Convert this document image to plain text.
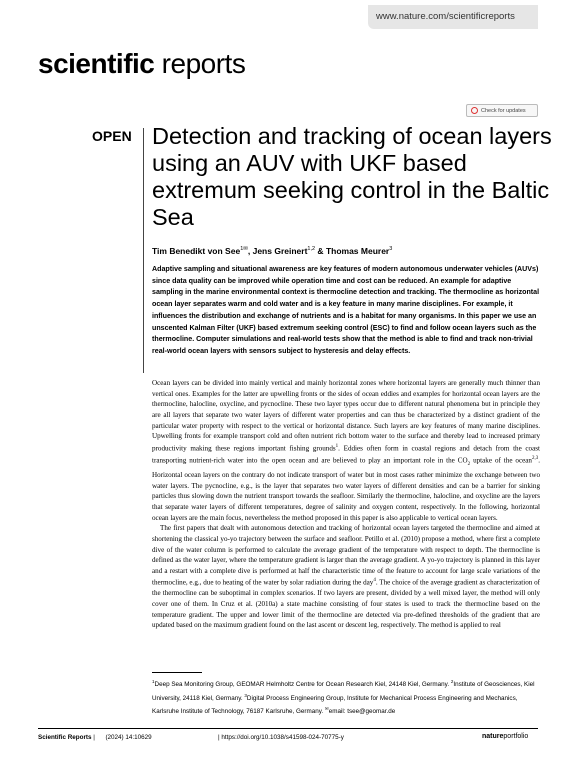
www.nature.com/scientificreports

scientific reports

Check for updates

OPEN Detection and tracking of ocean layers using an AUV with UKF based extremum seeking control in the Baltic Sea

Tim Benedikt von See$^{1✉}$, Jens Greinert$^{1,2}$ & Thomas Meurer$^3$

Adaptive sampling and situational awareness are key features of modern autonomous underwater vehicles (AUVs) since data quality can be improved while operation time and cost can be reduced. An example for adaptive sampling in the marine environmental context is thermocline detection and tracking. The thermocline as horizontal ocean layer separates warm and cold water and is a key feature in many marine disciplines. For example, it influences the distribution and exchange of nutrients and is a habitat for many organisms. In this paper we use an unscented Kalman Filter (UKF) based extremum seeking control (ESC) to find and follow ocean layers such as the thermocline. Computer simulations and real-world tests show that the method is able to find and track non-trivial real-world ocean layers with sensors subject to hysteresis and delay effects.

Ocean layers can be divided into mainly vertical and mainly horizontal zones where horizontal layers are generally much thinner than vertical ones. Examples for the latter are upwelling fronts or the sides of ocean eddies and examples for horizontal ocean layers are the thermocline, halocline, oxycline, and pycnocline. These two layer types occur due to different natural phenomena but in principle they are all layers that separate two water layers of different water properties and can thus be characterized by a distinct gradient of the particular water property with respect to the vertical or horizontal distance. Such layers are key features of many marine disciplines. Upwelling fronts for example transport cold and often nutrient rich bottom water to the surface and thereby lead to increased primary productivity making these regions important fishing grounds$^1$. Eddies often form in coastal regions and detach from the coast transporting nutrient-rich water into the open ocean and are believed to play an important role in the $CO_2$ uptake of the ocean$^{2,3}$. Horizontal ocean layers on the contrary do not indicate transport of water but in most cases rather minimize the exchange between two water layers. The pycnocline, e.g., is the layer that separates two water layers of different densities and can be a barrier for sinking particles thus slowing down the nutrient transport towards the seafloor. Similarly the thermocline, halocline, and oxycline are the layers that separate water layers of different temperatures, degree of salinity and oxygen content, respectively. In the following, horizontal ocean layers are the main focus, nevertheless the method proposed in this paper is also applicable to vertical ocean layers.

The first papers that dealt with autonomous detection and tracking of horizontal ocean layers targeted the thermocline and aimed at shortening the classical yo-yo trajectory between the surface and seafloor. Petillo et al. (2010) propose a method, where first a complete dive of the water column is performed to calculate the average gradient of the temperature with respect to depth. The thermocline is defined as the water layer, where the temperature gradient is larger than the average gradient. A yo-yo trajectory is planned in this layer and a restart with a complete dive is performed at half the characteristic time of the feature to account for large scale variations of the thermocline, e.g., due to heating of the water by solar radiation during the day$^4$. The choice of the average gradient as characterization of the thermocline can be suboptimal in complex scenarios. If two layers are present, divided by a well mixed layer, the method will only cover one of them. In Cruz et al. (2010a) a state machine consisting of four states is used to track the thermocline based on the temperature gradient. The upper and lower limit of the thermocline are detected via pre-defined thresholds of the gradient that are updated based on the maximum gradient found on the last ascent or descent leg, respectively. The method is applied to real

$^1$Deep Sea Monitoring Group, GEOMAR Helmholtz Centre for Ocean Research Kiel, 24148 Kiel, Germany. $^2$Institute of Geosciences, Kiel University, 24118 Kiel, Germany. $^3$Digital Process Engineering Group, Institute for Mechanical Process Engineering and Mechanics, Karlsruhe Institute of Technology, 76187 Karlsruhe, Germany. ✉email: tsee@geomar.de

Scientific Reports |      (2024) 14:10629	| https://doi.org/10.1038/s41598-024-70775-y	natureportfolio
